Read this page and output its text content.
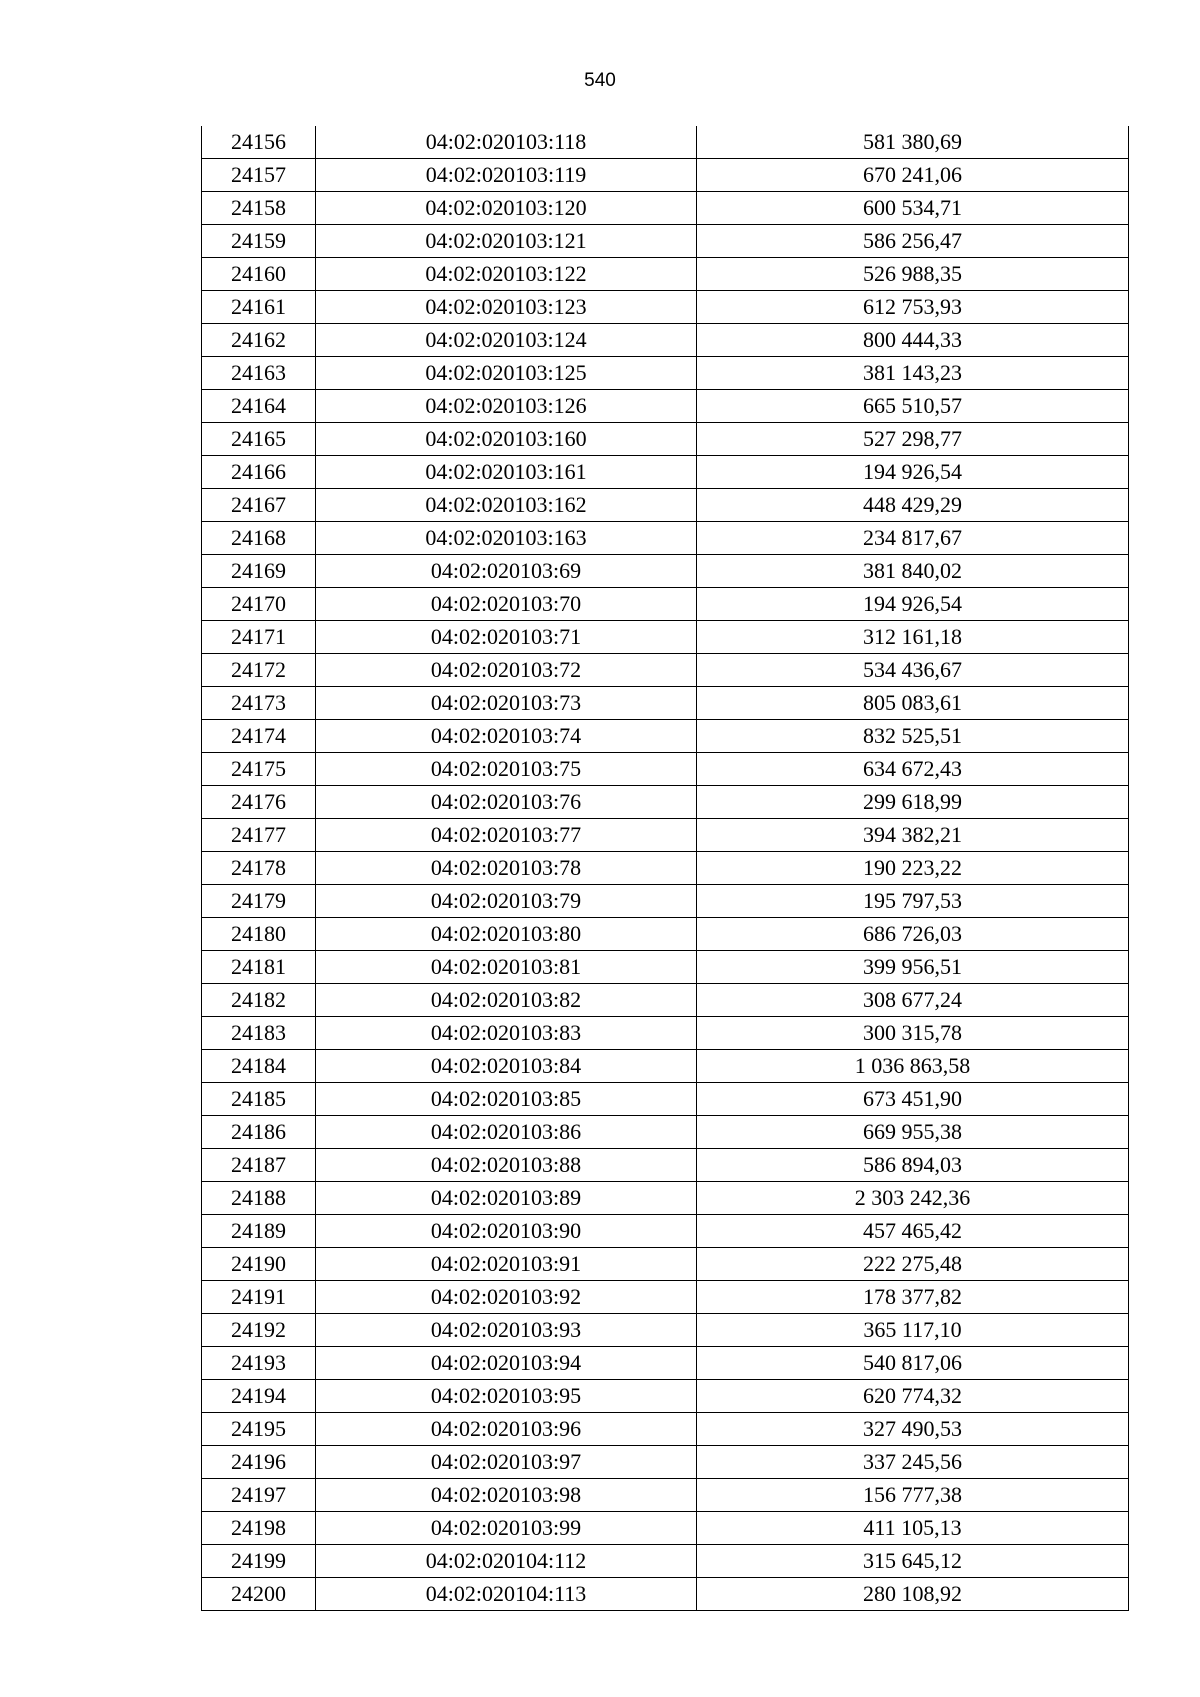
540
24156	04:02:020103:118	581 380,69
24157	04:02:020103:119	670 241,06
24158	04:02:020103:120	600 534,71
24159	04:02:020103:121	586 256,47
24160	04:02:020103:122	526 988,35
24161	04:02:020103:123	612 753,93
24162	04:02:020103:124	800 444,33
24163	04:02:020103:125	381 143,23
24164	04:02:020103:126	665 510,57
24165	04:02:020103:160	527 298,77
24166	04:02:020103:161	194 926,54
24167	04:02:020103:162	448 429,29
24168	04:02:020103:163	234 817,67
24169	04:02:020103:69	381 840,02
24170	04:02:020103:70	194 926,54
24171	04:02:020103:71	312 161,18
24172	04:02:020103:72	534 436,67
24173	04:02:020103:73	805 083,61
24174	04:02:020103:74	832 525,51
24175	04:02:020103:75	634 672,43
24176	04:02:020103:76	299 618,99
24177	04:02:020103:77	394 382,21
24178	04:02:020103:78	190 223,22
24179	04:02:020103:79	195 797,53
24180	04:02:020103:80	686 726,03
24181	04:02:020103:81	399 956,51
24182	04:02:020103:82	308 677,24
24183	04:02:020103:83	300 315,78
24184	04:02:020103:84	1 036 863,58
24185	04:02:020103:85	673 451,90
24186	04:02:020103:86	669 955,38
24187	04:02:020103:88	586 894,03
24188	04:02:020103:89	2 303 242,36
24189	04:02:020103:90	457 465,42
24190	04:02:020103:91	222 275,48
24191	04:02:020103:92	178 377,82
24192	04:02:020103:93	365 117,10
24193	04:02:020103:94	540 817,06
24194	04:02:020103:95	620 774,32
24195	04:02:020103:96	327 490,53
24196	04:02:020103:97	337 245,56
24197	04:02:020103:98	156 777,38
24198	04:02:020103:99	411 105,13
24199	04:02:020104:112	315 645,12
24200	04:02:020104:113	280 108,92
